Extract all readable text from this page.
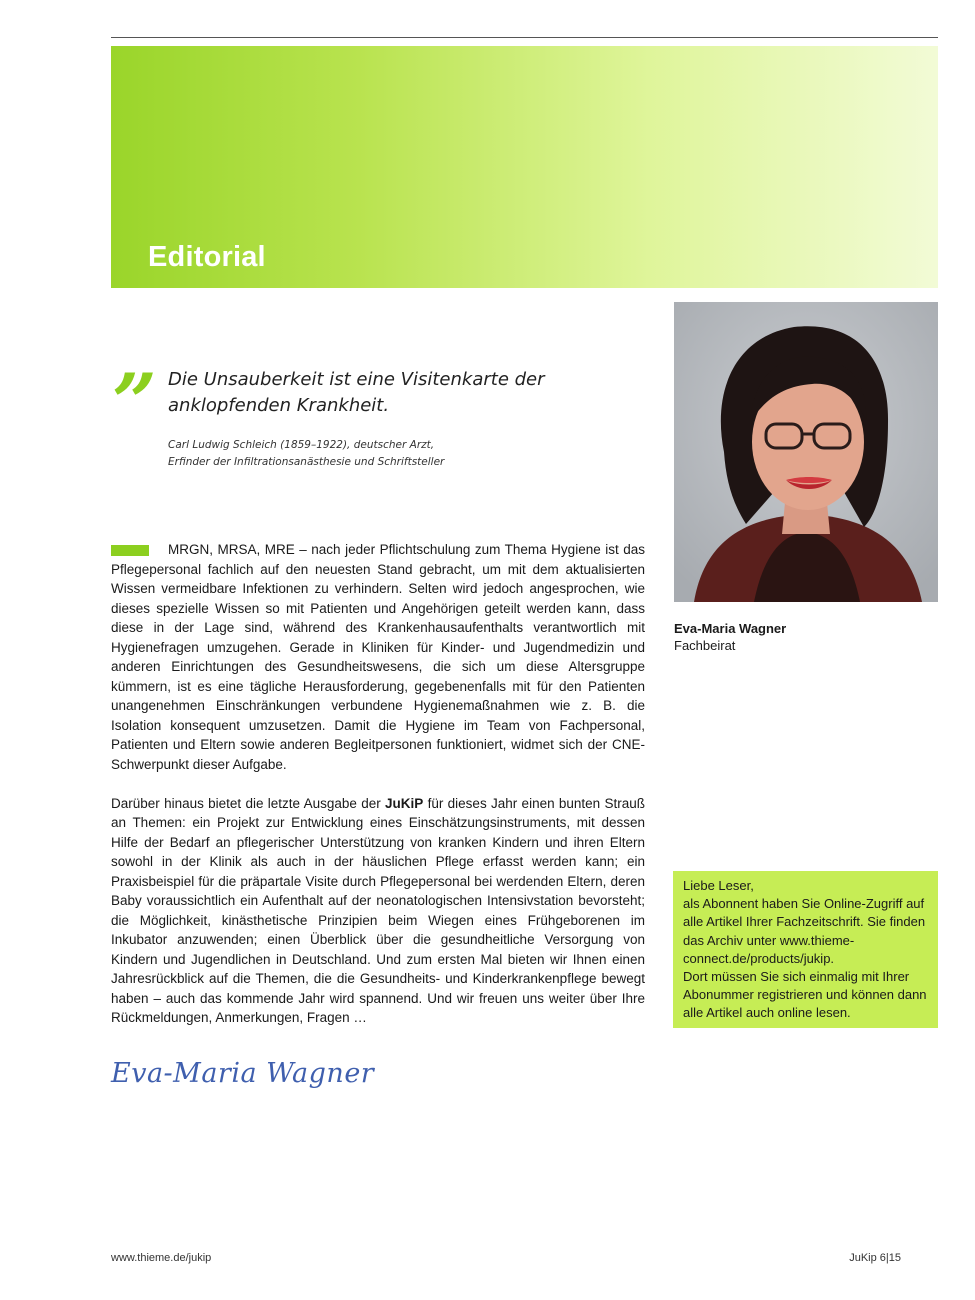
Editorial
Eva-Maria Wagner
Fachbeirat
” Die Unsauberkeit ist eine Visitenkarte der anklopfenden Krankheit.
Carl Ludwig Schleich (1859–1922), deutscher Arzt,
Erfinder der Infiltrationsanästhesie und Schriftsteller

MRGN, MRSA, MRE – nach jeder Pflichtschulung zum Thema Hygiene ist das Pflegepersonal fachlich auf den neuesten Stand gebracht, um mit dem aktualisierten Wissen vermeidbare Infektionen zu verhindern. Selten wird jedoch angesprochen, wie dieses spezielle Wissen so mit Patienten und Angehörigen geteilt werden kann, dass diese in der Lage sind, während des Krankenhausaufenthalts verantwortlich mit Hygienefragen umzugehen. Gerade in Kliniken für Kinder- und Jugendmedizin und anderen Einrichtungen des Gesundheitswesens, die sich um diese Altersgruppe kümmern, ist es eine tägliche Herausforderung, gegebenenfalls mit für den Patienten unangenehmen Einschränkungen verbundene Hygienemaßnahmen wie z. B. die Isolation konsequent umzusetzen. Damit die Hygiene im Team von Fachpersonal, Patienten und Eltern sowie anderen Begleitpersonen funktioniert, widmet sich der CNE-Schwerpunkt dieser Aufgabe.

Darüber hinaus bietet die letzte Ausgabe der JuKiP für dieses Jahr einen bunten Strauß an Themen: ein Projekt zur Entwicklung eines Einschätzungsinstruments, mit dessen Hilfe der Bedarf an pflegerischer Unterstützung von kranken Kindern und ihren Eltern sowohl in der Klinik als auch in der häuslichen Pflege erfasst werden kann; ein Praxisbeispiel für die präpartale Visite durch Pflegepersonal bei werdenden Eltern, deren Baby voraussichtlich ein Aufenthalt auf der neonatologischen Intensivstation bevorsteht; die Möglichkeit, kinästhetische Prinzipien beim Wiegen eines Frühgeborenen im Inkubator anzuwenden; einen Überblick über die gesundheitliche Versorgung von Kindern und Jugendlichen in Deutschland. Und zum ersten Mal bieten wir Ihnen einen Jahresrückblick auf die Themen, die die Gesundheits- und Kinderkrankenpflege bewegt haben – auch das kommende Jahr wird spannend. Und wir freuen uns weiter über Ihre Rückmeldungen, Anmerkungen, Fragen …

Eva-Maria Wagner

Liebe Leser,

als Abonnent haben Sie Online-Zugriff auf alle Artikel Ihrer Fachzeitschrift. Sie finden das Archiv unter www.thieme-connect.de/products/jukip.

Dort müssen Sie sich einmalig mit Ihrer Abonummer registrieren und können dann alle Artikel auch online lesen.

www.thieme.de/jukip	JuKip 6|15
